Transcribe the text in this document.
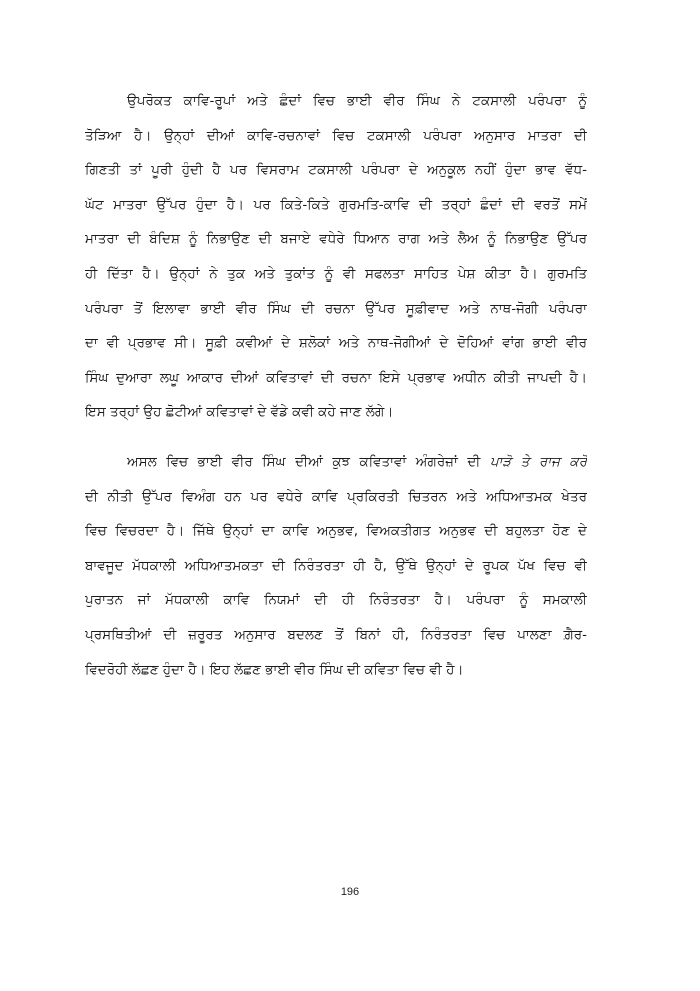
ਉਪਰੋਕਤ ਕਾਵਿ-ਰੂਪਾਂ ਅਤੇ ਛੰਦਾਂ ਵਿਚ ਭਾਈ ਵੀਰ ਸਿੰਘ ਨੇ ਟਕਸਾਲੀ ਪਰੰਪਰਾ ਨੂੰ
ਤੋੜਿਆ ਹੈ। ਉਨ੍ਹਾਂ ਦੀਆਂ ਕਾਵਿ-ਰਚਨਾਵਾਂ ਵਿਚ ਟਕਸਾਲੀ ਪਰੰਪਰਾ ਅਨੁਸਾਰ ਮਾਤਰਾ ਦੀ
ਗਿਣਤੀ ਤਾਂ ਪੂਰੀ ਹੁੰਦੀ ਹੈ ਪਰ ਵਿਸਰਾਮ ਟਕਸਾਲੀ ਪਰੰਪਰਾ ਦੇ ਅਨੁਕੂਲ ਨਹੀਂ ਹੁੰਦਾ ਭਾਵ ਵੱਧ-
ਘੱਟ ਮਾਤਰਾ ਉੱਪਰ ਹੁੰਦਾ ਹੈ। ਪਰ ਕਿਤੇ-ਕਿਤੇ ਗੁਰਮਤਿ-ਕਾਵਿ ਦੀ ਤਰ੍ਹਾਂ ਛੰਦਾਂ ਦੀ ਵਰਤੋਂ ਸਮੇਂ
ਮਾਤਰਾ ਦੀ ਬੰਦਿਸ਼ ਨੂੰ ਨਿਭਾਉਣ ਦੀ ਬਜਾਏ ਵਧੇਰੇ ਧਿਆਨ ਰਾਗ ਅਤੇ ਲੈਅ ਨੂੰ ਨਿਭਾਉਣ ਉੱਪਰ
ਹੀ ਦਿੱਤਾ ਹੈ। ਉਨ੍ਹਾਂ ਨੇ ਤੁਕ ਅਤੇ ਤੁਕਾਂਤ ਨੂੰ ਵੀ ਸਫਲਤਾ ਸਾਹਿਤ ਪੇਸ਼ ਕੀਤਾ ਹੈ। ਗੁਰਮਤਿ
ਪਰੰਪਰਾ ਤੋਂ ਇਲਾਵਾ ਭਾਈ ਵੀਰ ਸਿੰਘ ਦੀ ਰਚਨਾ ਉੱਪਰ ਸੂਫ਼ੀਵਾਦ ਅਤੇ ਨਾਥ-ਜੋਗੀ ਪਰੰਪਰਾ
ਦਾ ਵੀ ਪ੍ਰਭਾਵ ਸੀ। ਸੂਫ਼ੀ ਕਵੀਆਂ ਦੇ ਸ਼ਲੋਕਾਂ ਅਤੇ ਨਾਥ-ਜੋਗੀਆਂ ਦੇ ਦੋਹਿਆਂ ਵਾਂਗ ਭਾਈ ਵੀਰ
ਸਿੰਘ ਦੁਆਰਾ ਲਘੂ ਆਕਾਰ ਦੀਆਂ ਕਵਿਤਾਵਾਂ ਦੀ ਰਚਨਾ ਇਸੇ ਪ੍ਰਭਾਵ ਅਧੀਨ ਕੀਤੀ ਜਾਪਦੀ ਹੈ।
ਇਸ ਤਰ੍ਹਾਂ ਉਹ ਛੋਟੀਆਂ ਕਵਿਤਾਵਾਂ ਦੇ ਵੱਡੇ ਕਵੀ ਕਹੇ ਜਾਣ ਲੱਗੇ।
ਅਸਲ ਵਿਚ ਭਾਈ ਵੀਰ ਸਿੰਘ ਦੀਆਂ ਕੁਝ ਕਵਿਤਾਵਾਂ ਅੰਗਰੇਜ਼ਾਂ ਦੀ ਪਾੜੋ ਤੇ ਰਾਜ ਕਰੋ
ਦੀ ਨੀਤੀ ਉੱਪਰ ਵਿਅੰਗ ਹਨ ਪਰ ਵਧੇਰੇ ਕਾਵਿ ਪ੍ਰਕਿਰਤੀ ਚਿਤਰਨ ਅਤੇ ਅਧਿਆਤਮਕ ਖੇਤਰ
ਵਿਚ ਵਿਚਰਦਾ ਹੈ। ਜਿੱਥੇ ਉਨ੍ਹਾਂ ਦਾ ਕਾਵਿ ਅਨੁਭਵ, ਵਿਅਕਤੀਗਤ ਅਨੁਭਵ ਦੀ ਬਹੁਲਤਾ ਹੋਣ ਦੇ
ਬਾਵਜੂਦ ਮੱਧਕਾਲੀ ਅਧਿਆਤਮਕਤਾ ਦੀ ਨਿਰੰਤਰਤਾ ਹੀ ਹੈ, ਉੱਥੇ ਉਨ੍ਹਾਂ ਦੇ ਰੂਪਕ ਪੱਖ ਵਿਚ ਵੀ
ਪੁਰਾਤਨ ਜਾਂ ਮੱਧਕਾਲੀ ਕਾਵਿ ਨਿਯਮਾਂ ਦੀ ਹੀ ਨਿਰੰਤਰਤਾ ਹੈ। ਪਰੰਪਰਾ ਨੂੰ ਸਮਕਾਲੀ
ਪ੍ਰਸਥਿਤੀਆਂ ਦੀ ਜ਼ਰੂਰਤ ਅਨੁਸਾਰ ਬਦਲਣ ਤੋਂ ਬਿਨਾਂ ਹੀ, ਨਿਰੰਤਰਤਾ ਵਿਚ ਪਾਲਣਾ ਗ਼ੈਰ-
ਵਿਦਰੋਹੀ ਲੱਛਣ ਹੁੰਦਾ ਹੈ। ਇਹ ਲੱਛਣ ਭਾਈ ਵੀਰ ਸਿੰਘ ਦੀ ਕਵਿਤਾ ਵਿਚ ਵੀ ਹੈ।
196
